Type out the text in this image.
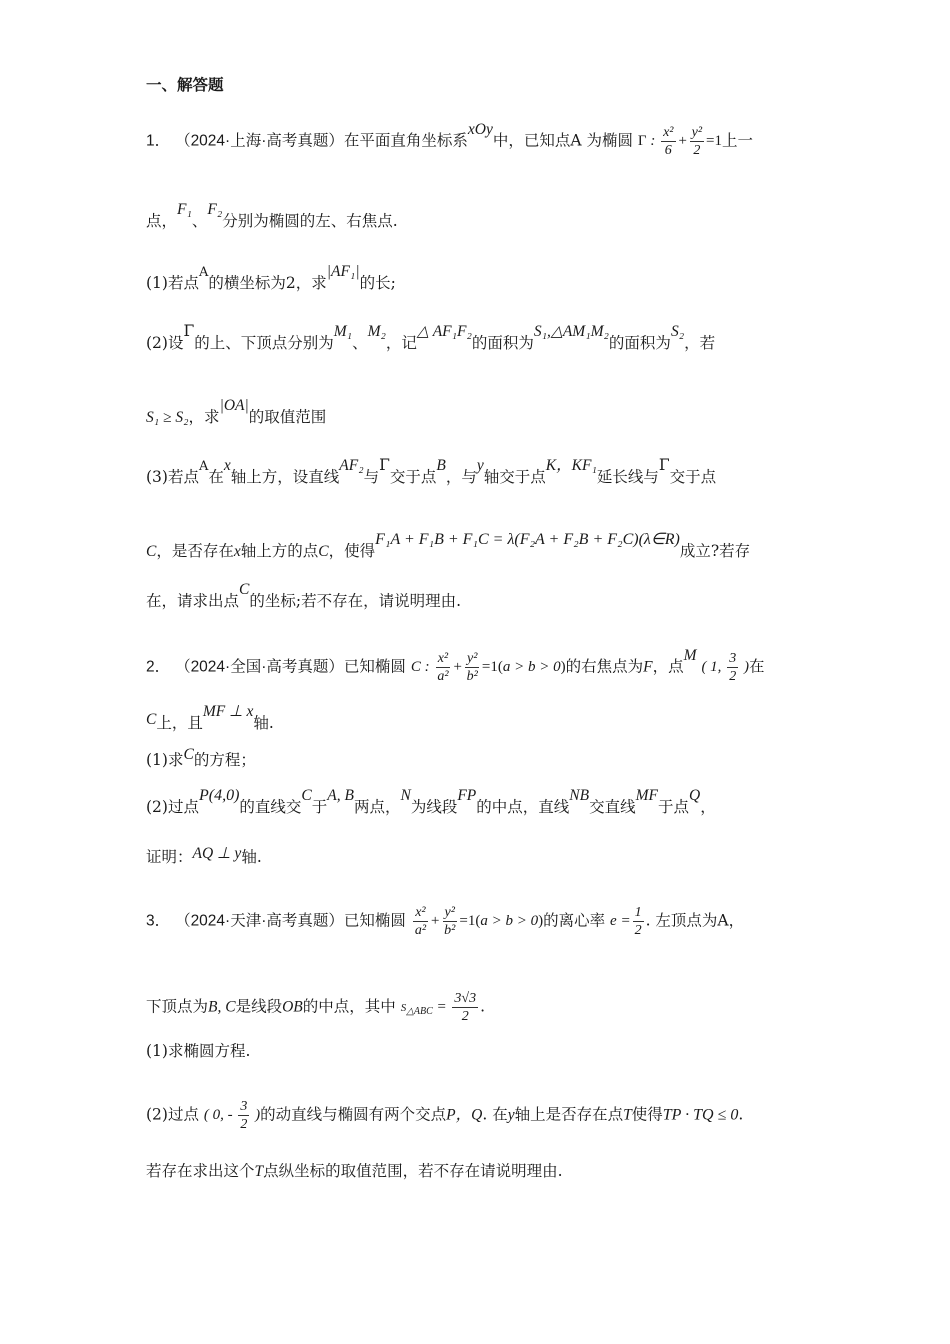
一、解答题
1． （2024·上海·高考真题）在平面直角坐标系xOy中，已知点A 为椭圆 Γ : $\frac{\text{x²}}{6} + \frac{\text{y²}}{2} =1$上一
点，F₁、F₂分别为椭圆的左、右焦点.
(1)若点$^A$的横坐标为2，求|AF₁|的长;
(2)设Γ的上、下顶点分别为M₁、M₂，记△ AF₁F₂的面积为S₁,△AM₁M₂的面积为S₂，若
S₁ ≥ S₂，求|OA|的取值范围
(3)若点$^A$在x轴上方，设直线AF₂与Γ交于点B，与y轴交于点K，KF₁延长线与Γ交于点
C，是否存在x轴上方的点C，使得F₁A + F₁B + F₁C = λ(F₂A + F₂B + F₂C)(λ∈R)成立?若存
在，请求出点C的坐标;若不存在，请说明理由.
2． （2024·全国·高考真题）已知椭圆 C : $\frac{\text{x²}}{\text{a²}} + \frac{\text{y²}}{\text{b²}} =1(a > b > 0)$的右焦点为F，点M ( 1, $\frac{3}{2}$ )在
C上，且MF ⊥ x轴.
(1)求C的方程；
(2)过点P(4,0)的直线交C于A, B两点，N为线段FP的中点，直线NB交直线MF于点Q，
证明：AQ ⊥ y轴.
3． （2024·天津·高考真题）已知椭圆 $\frac{\text{x²}}{\text{a²}} + \frac{\text{y²}}{\text{b²}} =1(a > b > 0)$的离心率 $e = \frac{1}{2}$ . 左顶点为A，
下顶点为B, C是线段OB的中点，其中 $S_{\triangle ABC} = \frac{3√3}{2}$ .
(1)求椭圆方程.
(2)过点 ( 0, - $\frac{3}{2}$ )的动直线与椭圆有两个交点P，Q. 在y轴上是否存在点T使得TP · TQ ≤ 0.
若存在求出这个T点纵坐标的取值范围，若不存在请说明理由.
